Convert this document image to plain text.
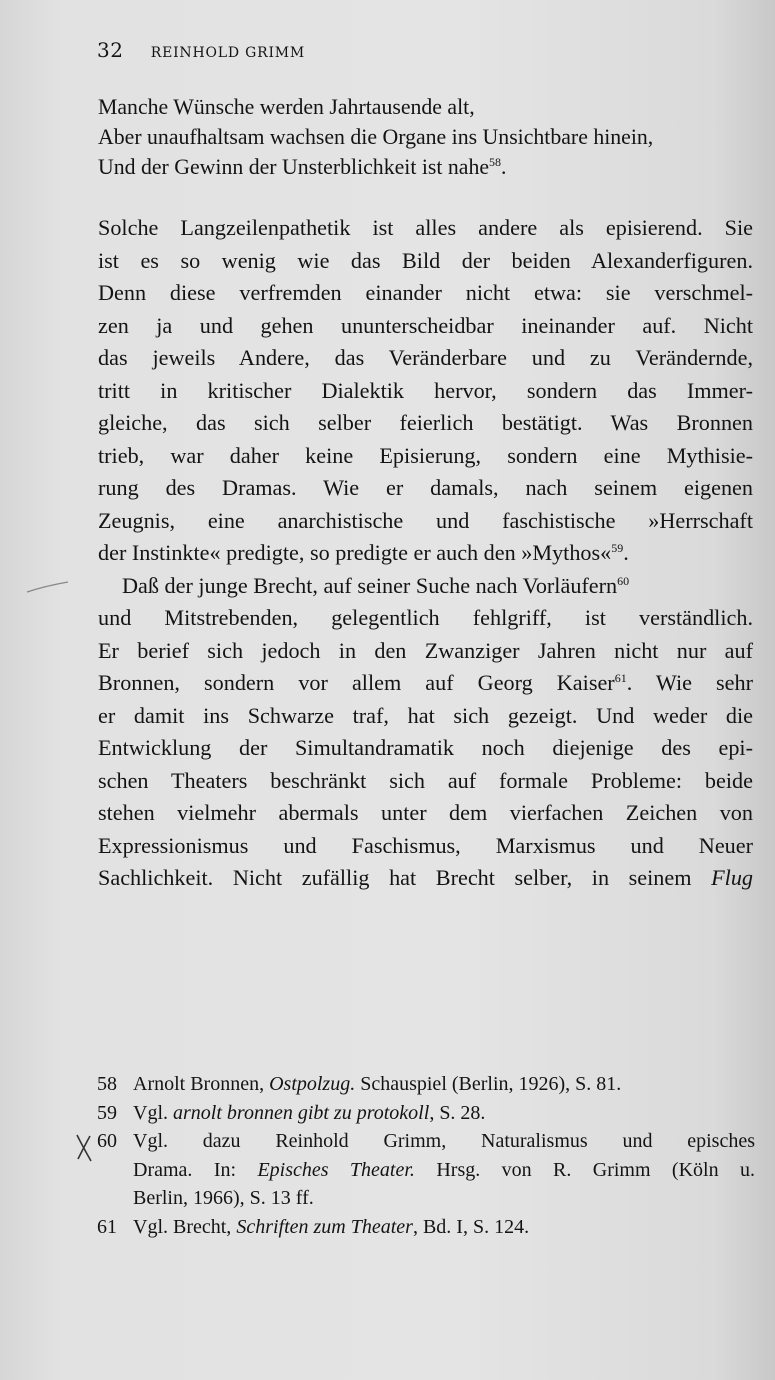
32 REINHOLD GRIMM
Manche Wünsche werden Jahrtausende alt,
Aber unaufhaltsam wachsen die Organe ins Unsichtbare hinein,
Und der Gewinn der Unsterblichkeit ist nahe$^{58}$.
Solche Langzeilenpathetik ist alles andere als episierend. Sie
ist es so wenig wie das Bild der beiden Alexanderfiguren.
Denn diese verfremden einander nicht etwa: sie verschmel-
zen ja und gehen ununterscheidbar ineinander auf. Nicht
das jeweils Andere, das Veränderbare und zu Verändernde,
tritt in kritischer Dialektik hervor, sondern das Immer-
gleiche, das sich selber feierlich bestätigt. Was Bronnen
trieb, war daher keine Episierung, sondern eine Mythisie-
rung des Dramas. Wie er damals, nach seinem eigenen
Zeugnis, eine anarchistische und faschistische »Herrschaft
der Instinkte« predigte, so predigte er auch den »Mythos«$^{59}$.
Daß der junge Brecht, auf seiner Suche nach Vorläufern$^{60}$
und Mitstrebenden, gelegentlich fehlgriff, ist verständlich.
Er berief sich jedoch in den Zwanziger Jahren nicht nur auf
Bronnen, sondern vor allem auf Georg Kaiser$^{61}$. Wie sehr
er damit ins Schwarze traf, hat sich gezeigt. Und weder die
Entwicklung der Simultandramatik noch diejenige des epi-
schen Theaters beschränkt sich auf formale Probleme: beide
stehen vielmehr abermals unter dem vierfachen Zeichen von
Expressionismus und Faschismus, Marxismus und Neuer
Sachlichkeit. Nicht zufällig hat Brecht selber, in seinem Flug
58 Arnolt Bronnen, Ostpolzug. Schauspiel (Berlin, 1926), S. 81.
59 Vgl. arnolt bronnen gibt zu protokoll, S. 28.
60 Vgl. dazu Reinhold Grimm, Naturalismus und episches
Drama. In: Episches Theater. Hrsg. von R. Grimm (Köln u.
Berlin, 1966), S. 13 ff.
61 Vgl. Brecht, Schriften zum Theater, Bd. I, S. 124.
